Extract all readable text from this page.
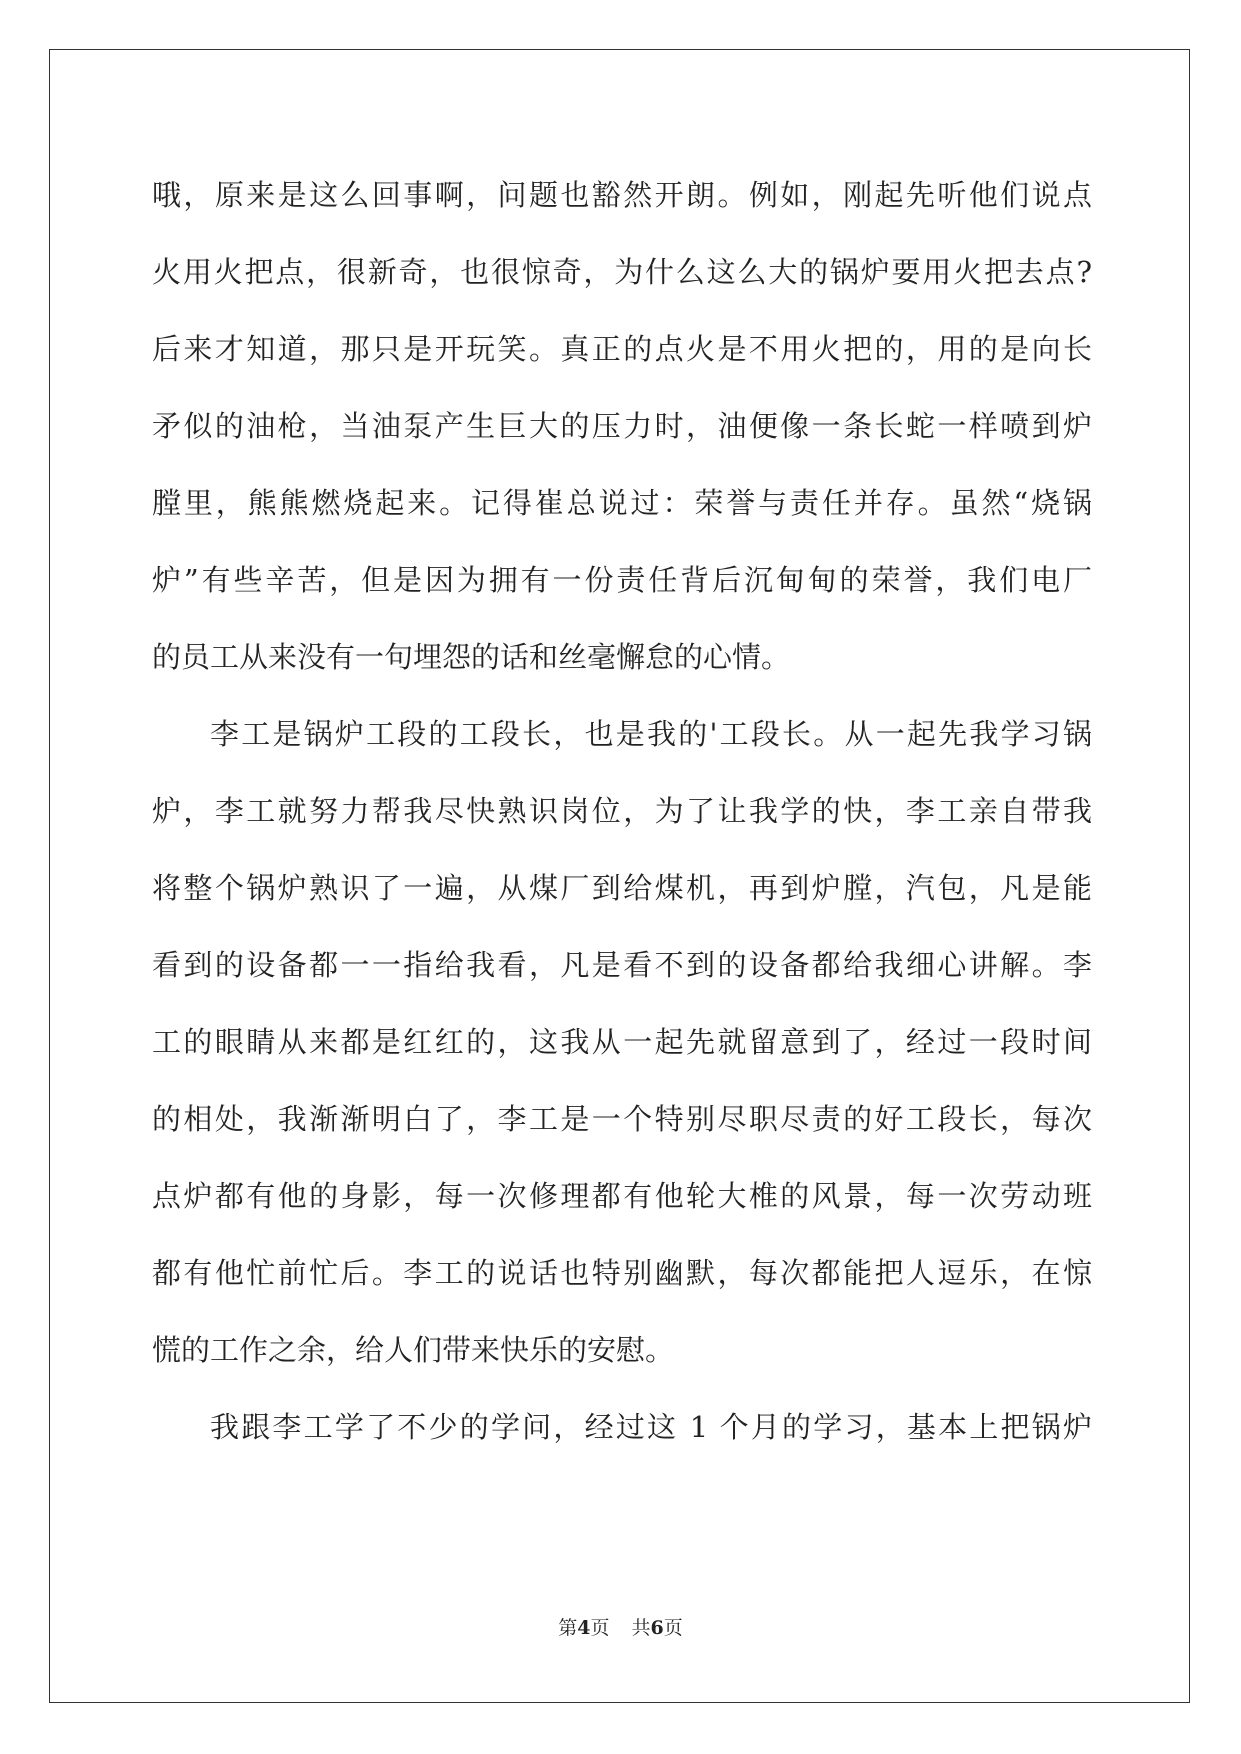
哦，原来是这么回事啊，问题也豁然开朗。例如，刚起先听他们说点
火用火把点，很新奇，也很惊奇，为什么这么大的锅炉要用火把去点?
后来才知道，那只是开玩笑。真正的点火是不用火把的，用的是向长
矛似的油枪，当油泵产生巨大的压力时，油便像一条长蛇一样喷到炉
膛里，熊熊燃烧起来。记得崔总说过：荣誉与责任并存。虽然“烧锅
炉”有些辛苦，但是因为拥有一份责任背后沉甸甸的荣誉，我们电厂
的员工从来没有一句埋怨的话和丝毫懈怠的心情。

李工是锅炉工段的工段长，也是我的'工段长。从一起先我学习锅
炉，李工就努力帮我尽快熟识岗位，为了让我学的快，李工亲自带我
将整个锅炉熟识了一遍，从煤厂到给煤机，再到炉膛，汽包，凡是能
看到的设备都一一指给我看，凡是看不到的设备都给我细心讲解。李
工的眼睛从来都是红红的，这我从一起先就留意到了，经过一段时间
的相处，我渐渐明白了，李工是一个特别尽职尽责的好工段长，每次
点炉都有他的身影，每一次修理都有他轮大椎的风景，每一次劳动班
都有他忙前忙后。李工的说话也特别幽默，每次都能把人逗乐，在惊
慌的工作之余，给人们带来快乐的安慰。

我跟李工学了不少的学问，经过这 1 个月的学习，基本上把锅炉

第4页 共6页
